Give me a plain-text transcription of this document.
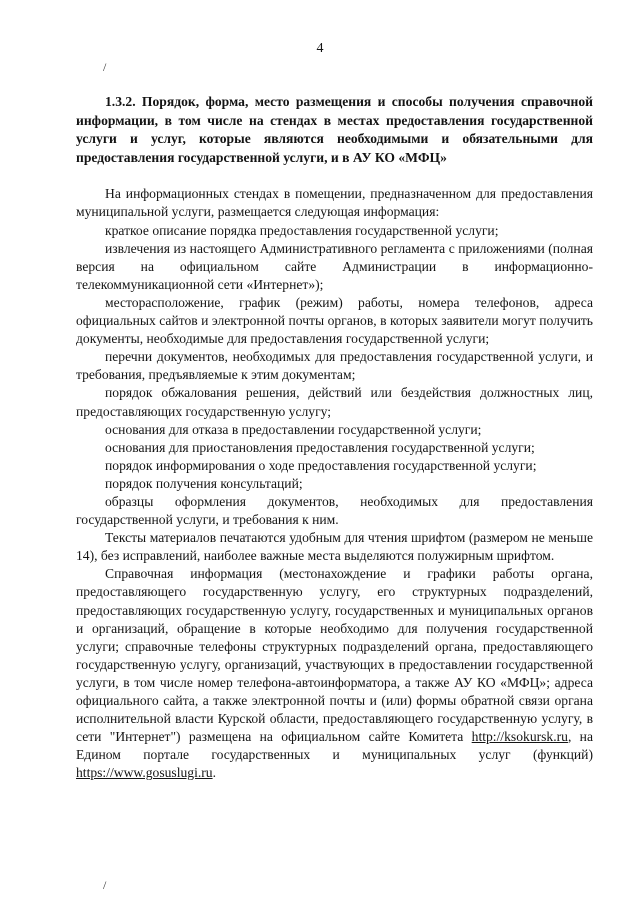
4
/
/

1.3.2. Порядок, форма, место размещения и способы получения справочной информации, в том числе на стендах в местах предоставления государственной услуги и услуг, которые являются необходимыми и обязательными для предоставления государственной услуги, и в АУ КО «МФЦ»

На информационных стендах в помещении, предназначенном для предоставления муниципальной услуги, размещается следующая информация:

краткое описание порядка предоставления государственной услуги;

извлечения из настоящего Административного регламента с приложениями (полная версия на официальном сайте Администрации в информационно-телекоммуникационной сети «Интернет»);

месторасположение, график (режим) работы, номера телефонов, адреса официальных сайтов и электронной почты органов, в которых заявители могут получить документы, необходимые для предоставления государственной услуги;

перечни документов, необходимых для предоставления государственной услуги, и требования, предъявляемые к этим документам;

порядок обжалования решения, действий или бездействия должностных лиц, предоставляющих государственную услугу;

основания для отказа в предоставлении государственной услуги;

основания для приостановления предоставления государственной услуги;

порядок информирования о ходе предоставления государственной услуги;

порядок получения консультаций;

образцы оформления документов, необходимых для предоставления государственной услуги, и требования к ним.

Тексты материалов печатаются удобным для чтения шрифтом (размером не меньше 14), без исправлений, наиболее важные места выделяются полужирным шрифтом.

Справочная информация (местонахождение и графики работы органа, предоставляющего государственную услугу, его структурных подразделений, предоставляющих государственную услугу, государственных и муниципальных органов и организаций, обращение в которые необходимо для получения государственной услуги; справочные телефоны структурных подразделений органа, предоставляющего государственную услугу, организаций, участвующих в предоставлении государственной услуги, в том числе номер телефона-автоинформатора, а также АУ КО «МФЦ»; адреса официального сайта, а также электронной почты и (или) формы обратной связи органа исполнительной власти Курской области, предоставляющего государственную услугу, в сети "Интернет") размещена на официальном сайте Комитета http://ksokursk.ru, на Едином портале государственных и муниципальных услуг (функций) https://www.gosuslugi.ru.
